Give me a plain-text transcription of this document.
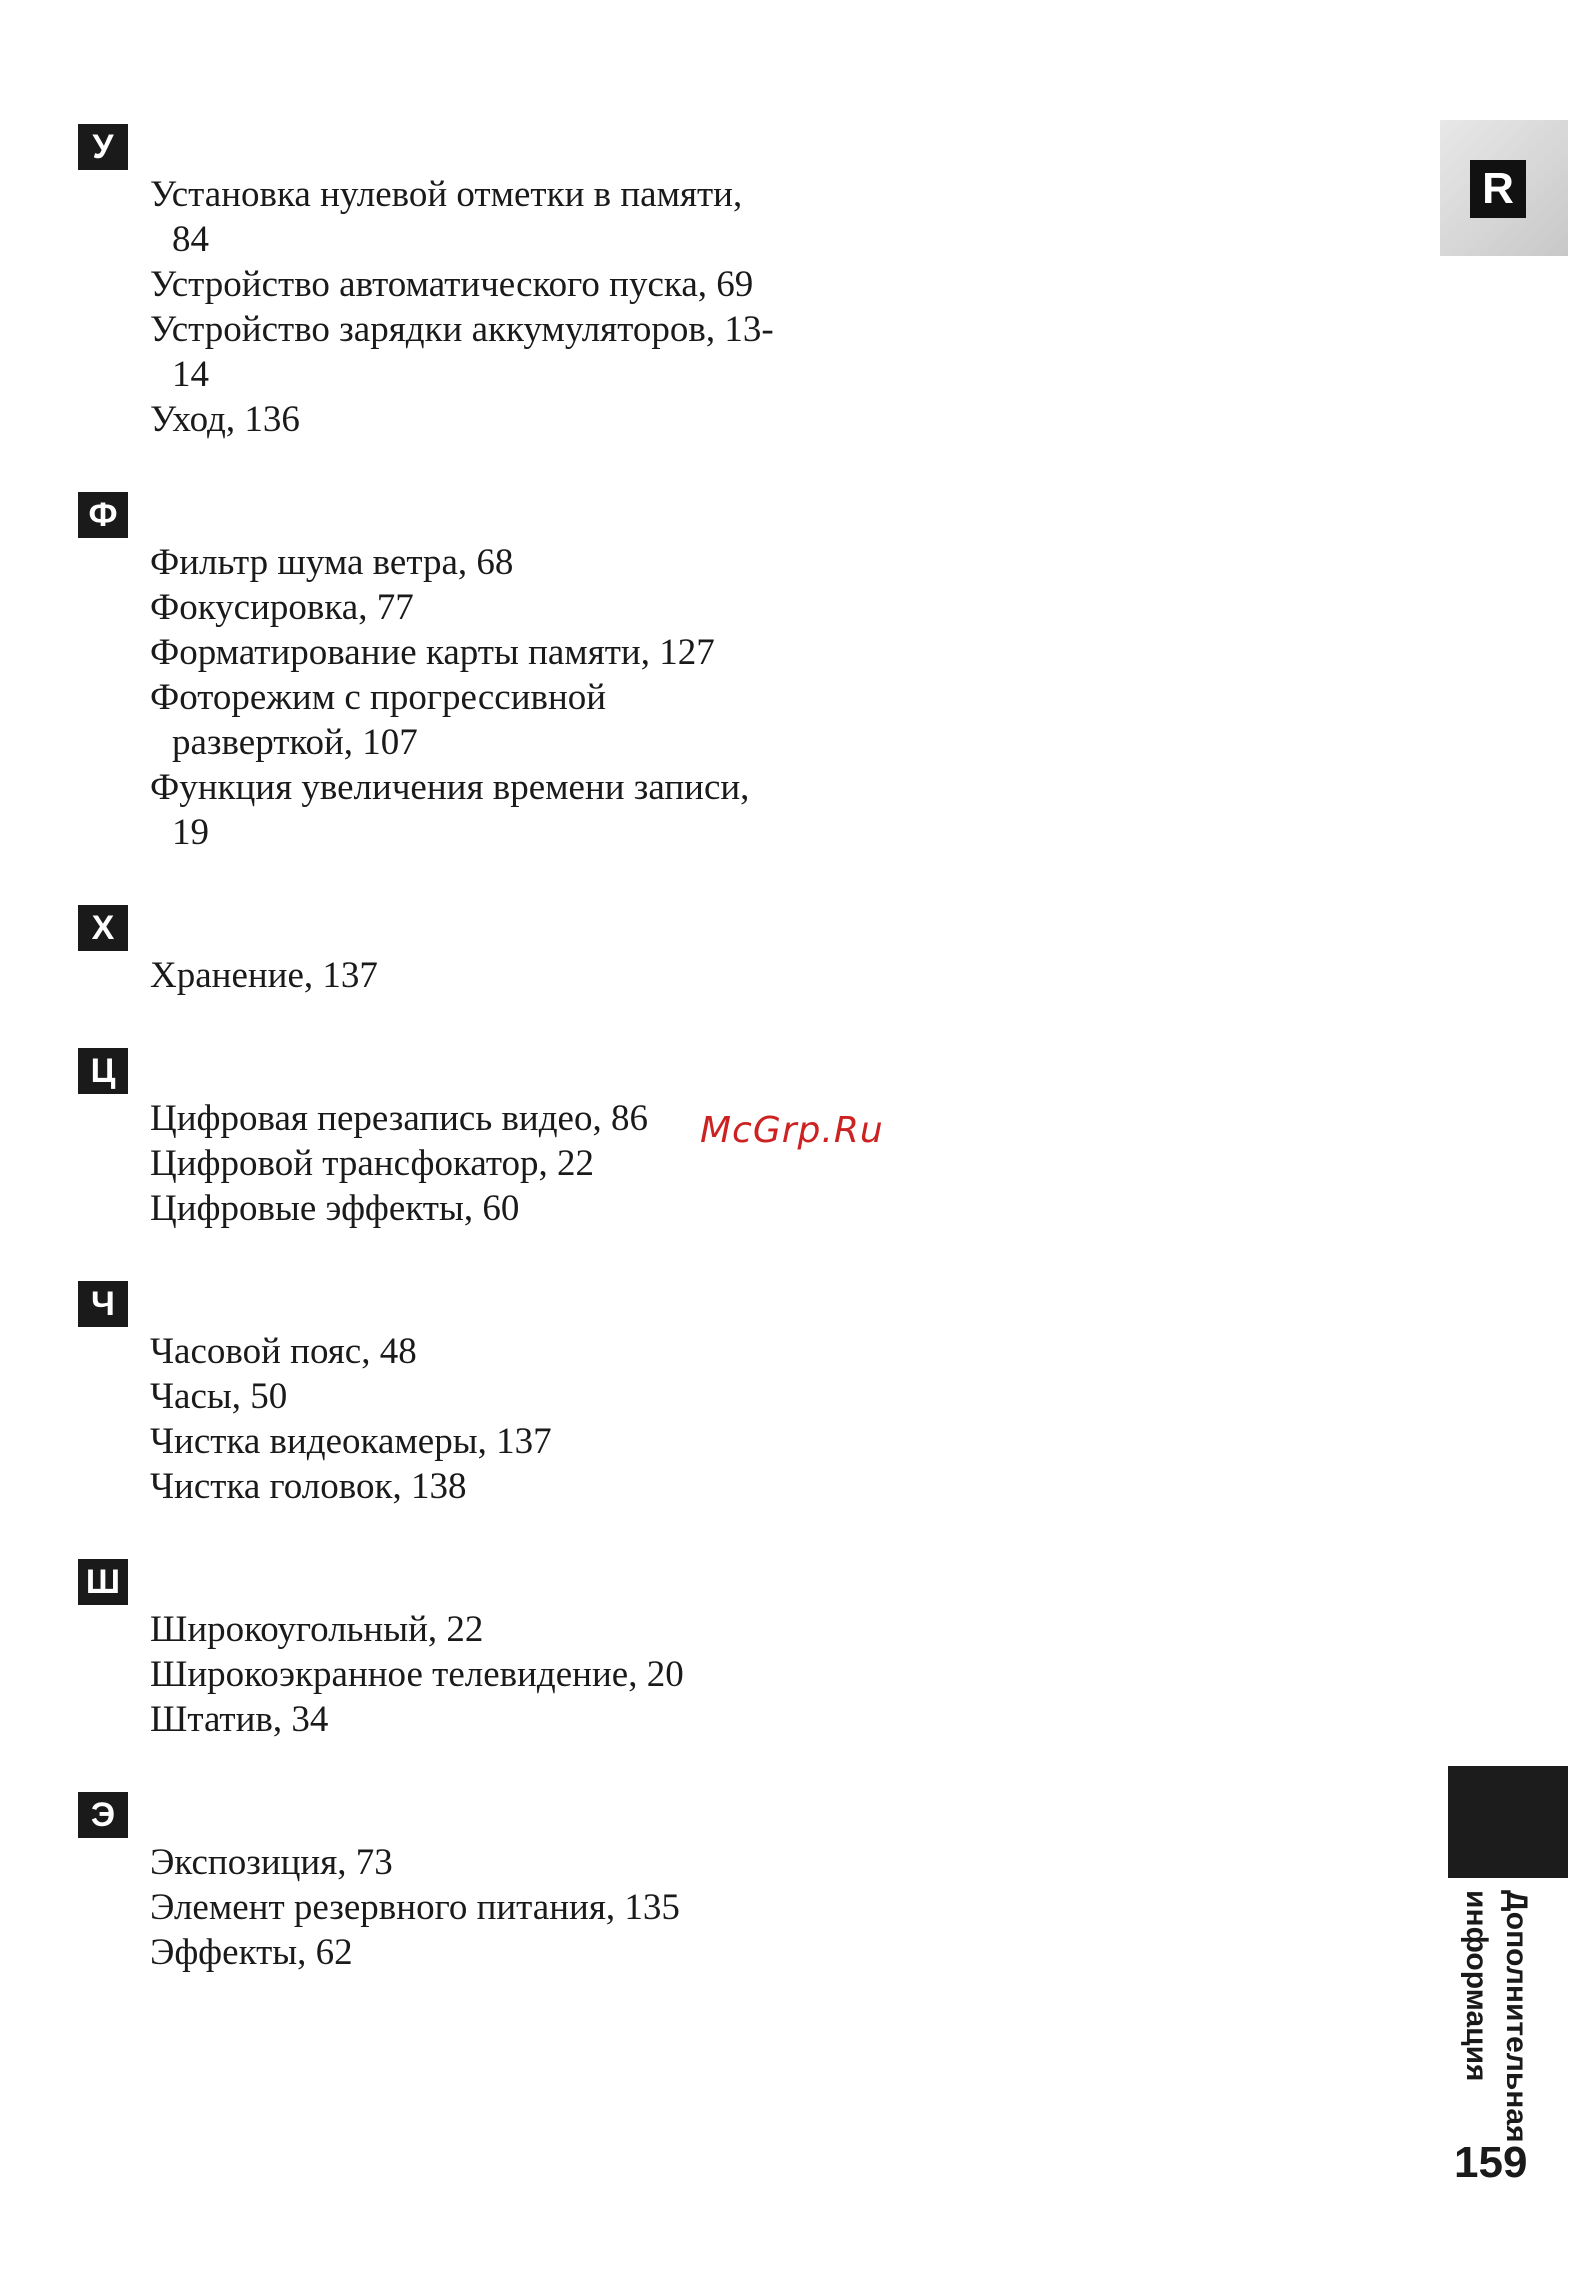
У
Установка нулевой отметки в памяти, 84
Устройство автоматического пуска, 69
Устройство зарядки аккумуляторов, 13-14
Уход, 136
Ф
Фильтр шума ветра, 68
Фокусировка, 77
Форматирование карты памяти, 127
Фоторежим с прогрессивной разверткой, 107
Функция увеличения времени записи, 19
Х
Хранение, 137
Ц
Цифровая перезапись видео, 86
Цифровой трансфокатор, 22
Цифровые эффекты, 60
Ч
Часовой пояс, 48
Часы, 50
Чистка видеокамеры, 137
Чистка головок, 138
Ш
Широкоугольный, 22
Широкоэкранное телевидение, 20
Штатив, 34
Э
Экспозиция, 73
Элемент резервного питания, 135
Эффекты, 62
McGrp.Ru
R
Дополнительная информация
159
